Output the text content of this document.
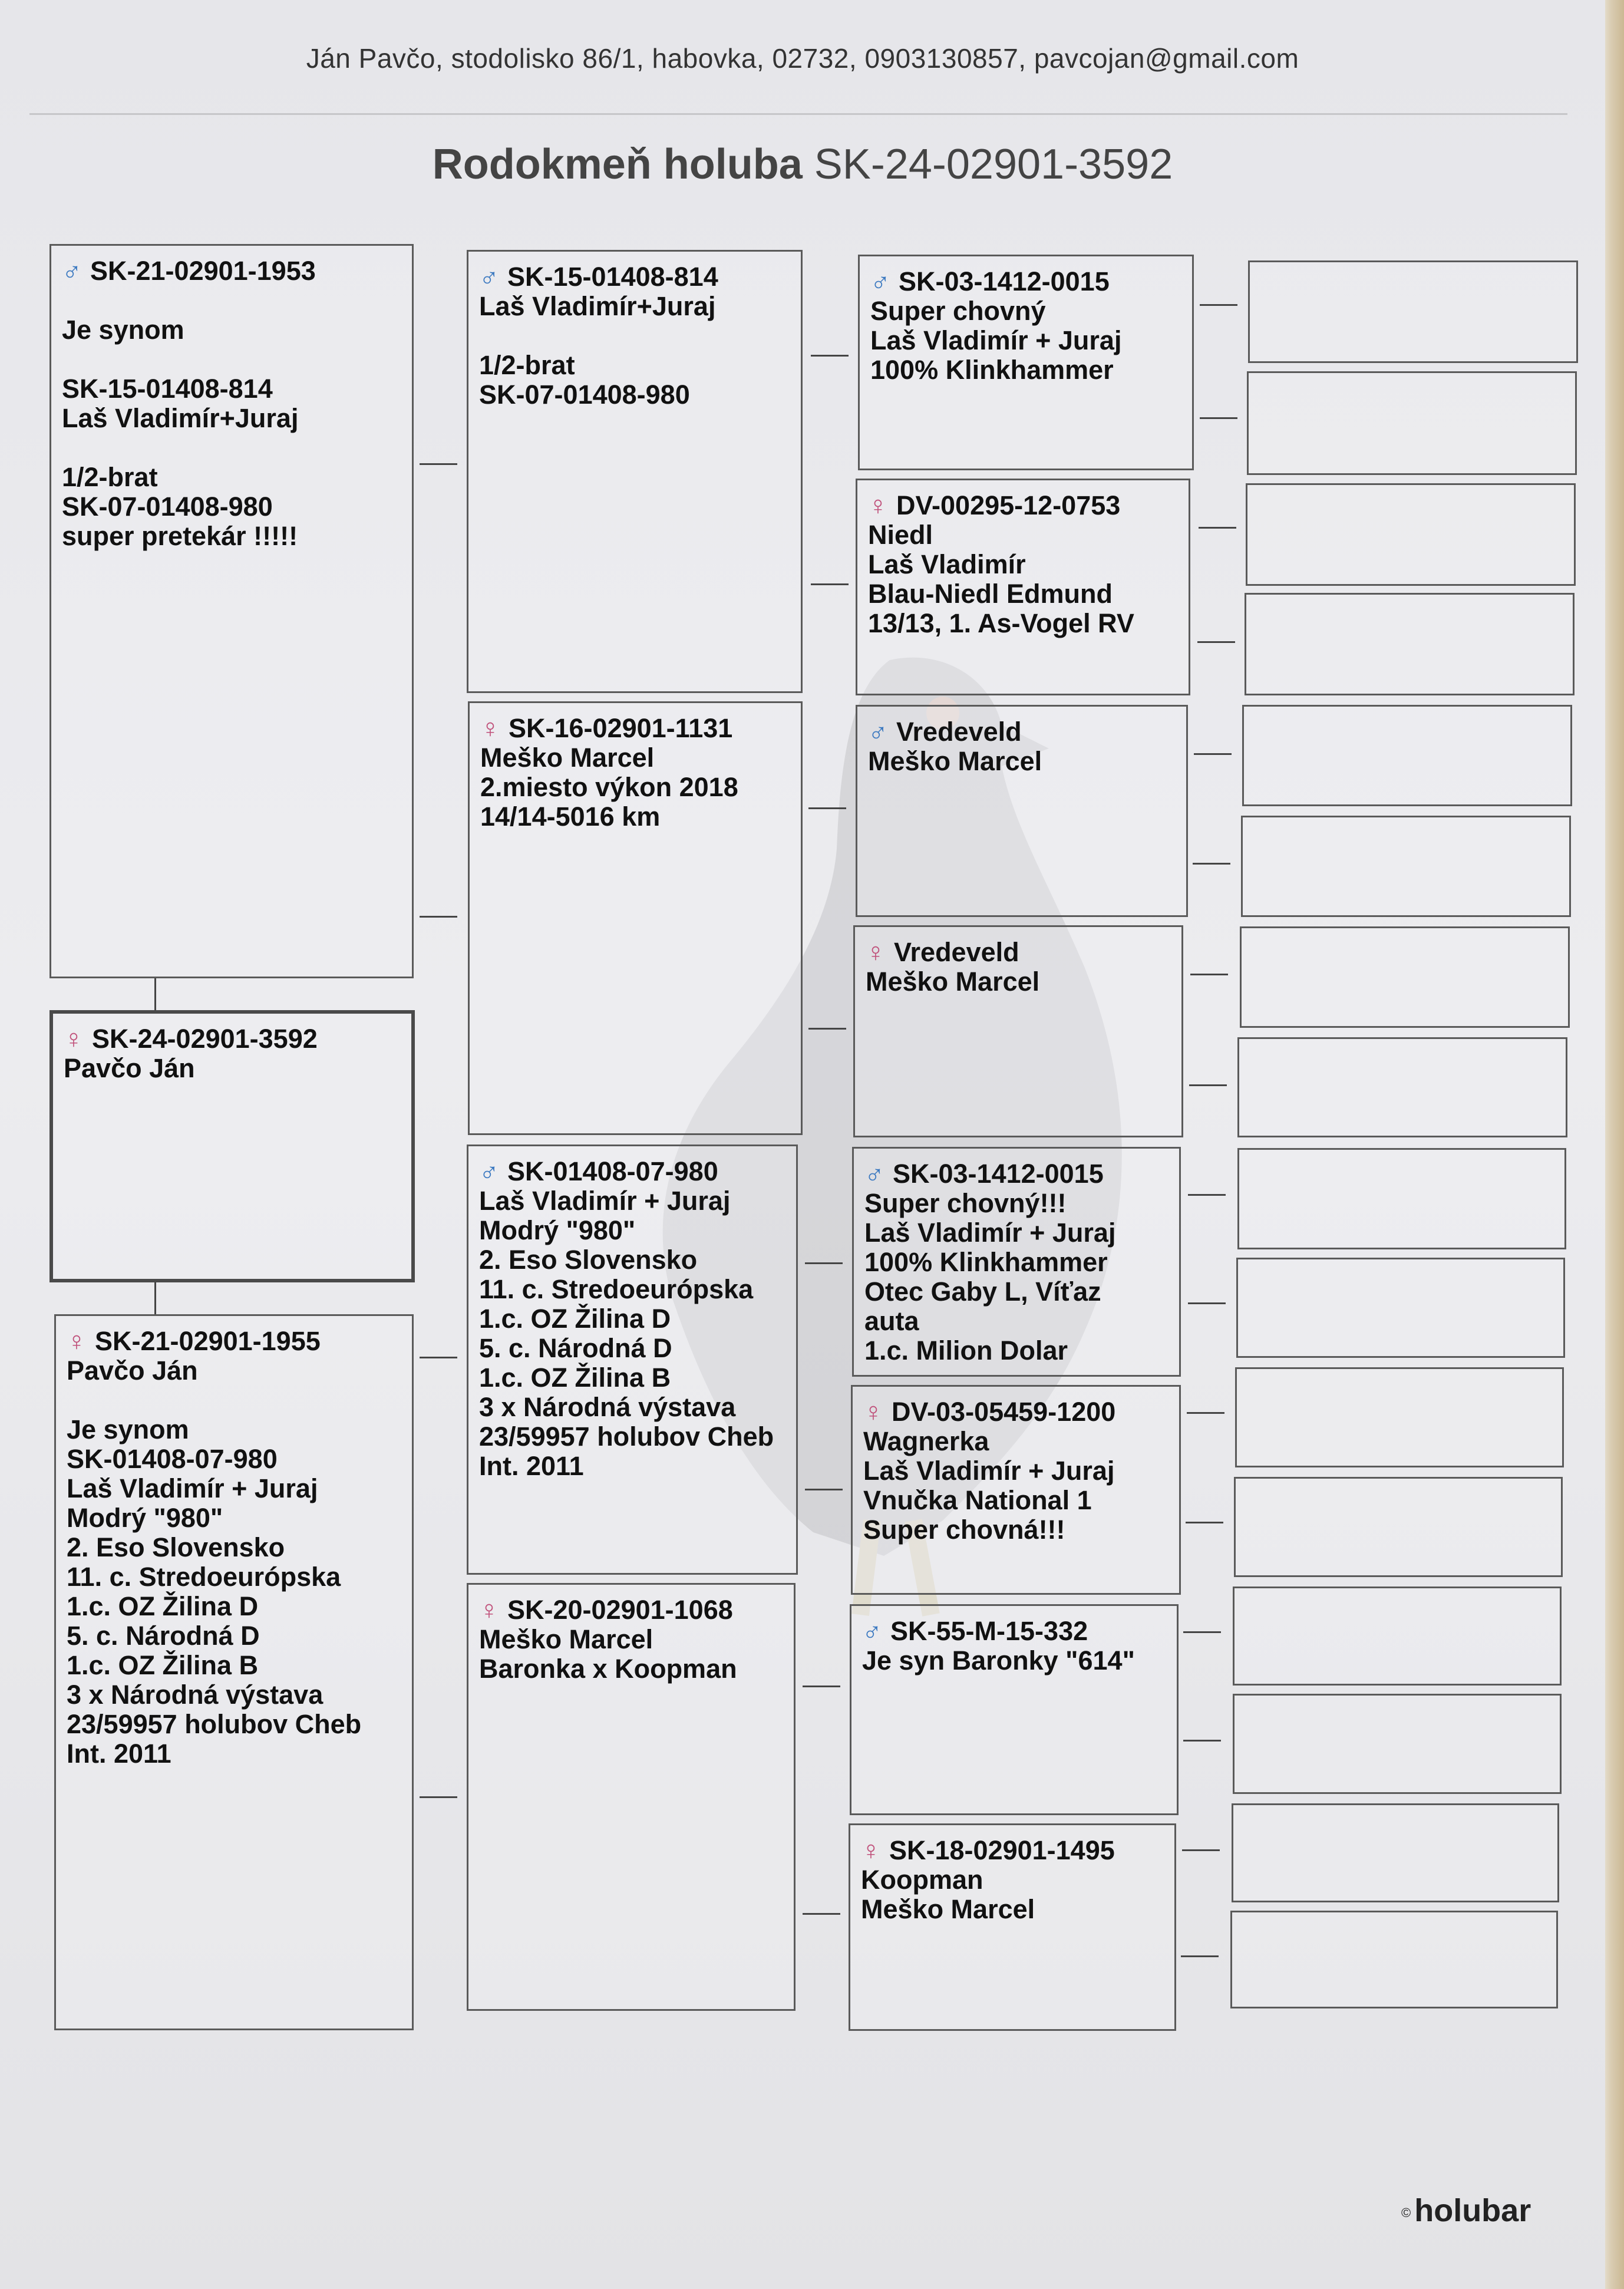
Ján Pavčo, stodolisko 86/1, habovka, 02732, 0903130857, pavcojan@gmail.com
Rodokmeň holuba SK-24-02901-3592
♂ SK-21-02901-1953
Je synom
SK-15-01408-814
Laš Vladimír+Juraj
1/2-brat
SK-07-01408-980
super pretekár !!!!!
♀ SK-24-02901-3592
Pavčo Ján
♀ SK-21-02901-1955
Pavčo Ján
Je synom
SK-01408-07-980
Laš Vladimír + Juraj
Modrý "980"
2. Eso Slovensko
11. c. Stredoeurópska
1.c. OZ Žilina D
5. c. Národná D
1.c. OZ Žilina B
3 x Národná výstava
23/59957 holubov Cheb
Int. 2011
♂ SK-15-01408-814
Laš Vladimír+Juraj
1/2-brat
SK-07-01408-980
♀ SK-16-02901-1131
Meško Marcel
2.miesto výkon 2018
14/14-5016 km
♂ SK-01408-07-980
Laš Vladimír + Juraj
Modrý "980"
2. Eso Slovensko
11. c. Stredoeurópska
1.c. OZ Žilina D
5. c. Národná D
1.c. OZ Žilina B
3 x Národná výstava
23/59957 holubov Cheb
Int. 2011
♀ SK-20-02901-1068
Meško Marcel
Baronka x Koopman
♂ SK-03-1412-0015
Super chovný
Laš Vladimír + Juraj
100% Klinkhammer
♀ DV-00295-12-0753
Niedl
Laš Vladimír
Blau-Niedl Edmund
13/13, 1. As-Vogel RV
♂ Vredeveld
Meško Marcel
♀ Vredeveld
Meško Marcel
♂ SK-03-1412-0015
Super chovný!!!
Laš Vladimír + Juraj
100% Klinkhammer
Otec Gaby L, Víťaz
auta
1.c. Milion Dolar
♀ DV-03-05459-1200
Wagnerka
Laš Vladimír + Juraj
Vnučka National 1
Super chovná!!!
♂ SK-55-M-15-332
Je syn Baronky "614"
♀ SK-18-02901-1495
Koopman
Meško Marcel
© holubar
